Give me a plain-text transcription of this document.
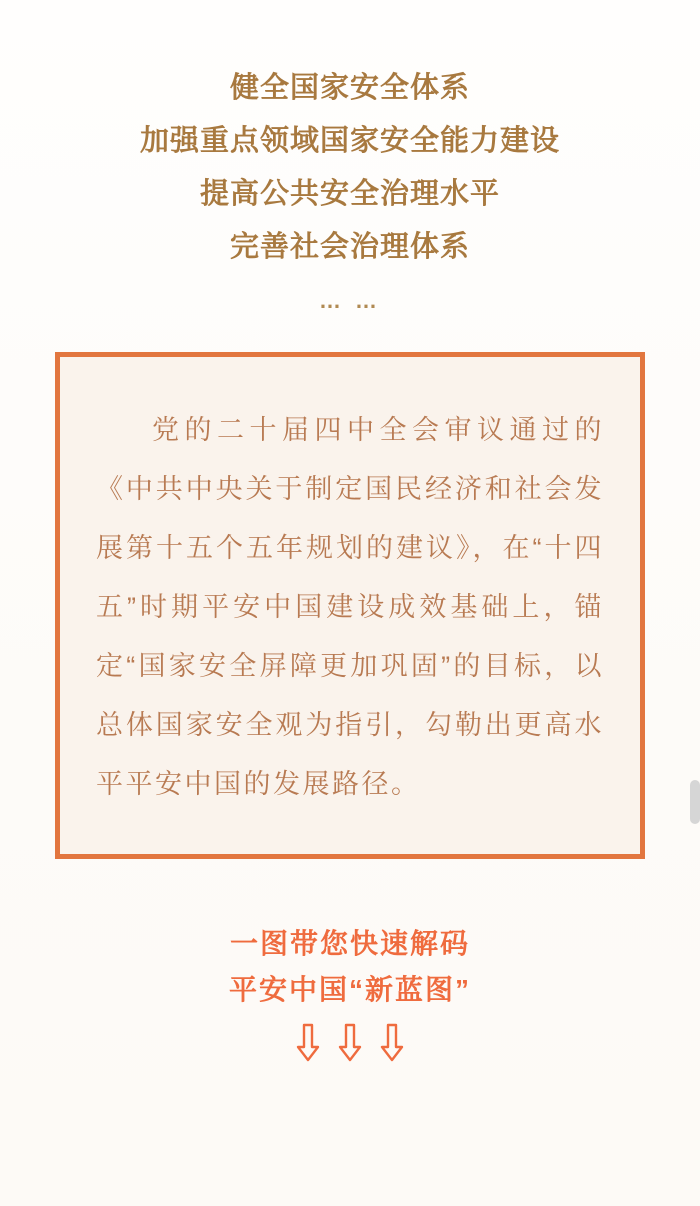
健全国家安全体系
加强重点领域国家安全能力建设
提高公共安全治理水平
完善社会治理体系
… …
党的二十届四中全会审议通过的《中共中央关于制定国民经济和社会发展第十五个五年规划的建议》，在“十四五”时期平安中国建设成效基础上，锚定“国家安全屏障更加巩固”的目标，以总体国家安全观为指引，勾勒出更高水平平安中国的发展路径。
一图带您快速解码
平安中国“新蓝图”
